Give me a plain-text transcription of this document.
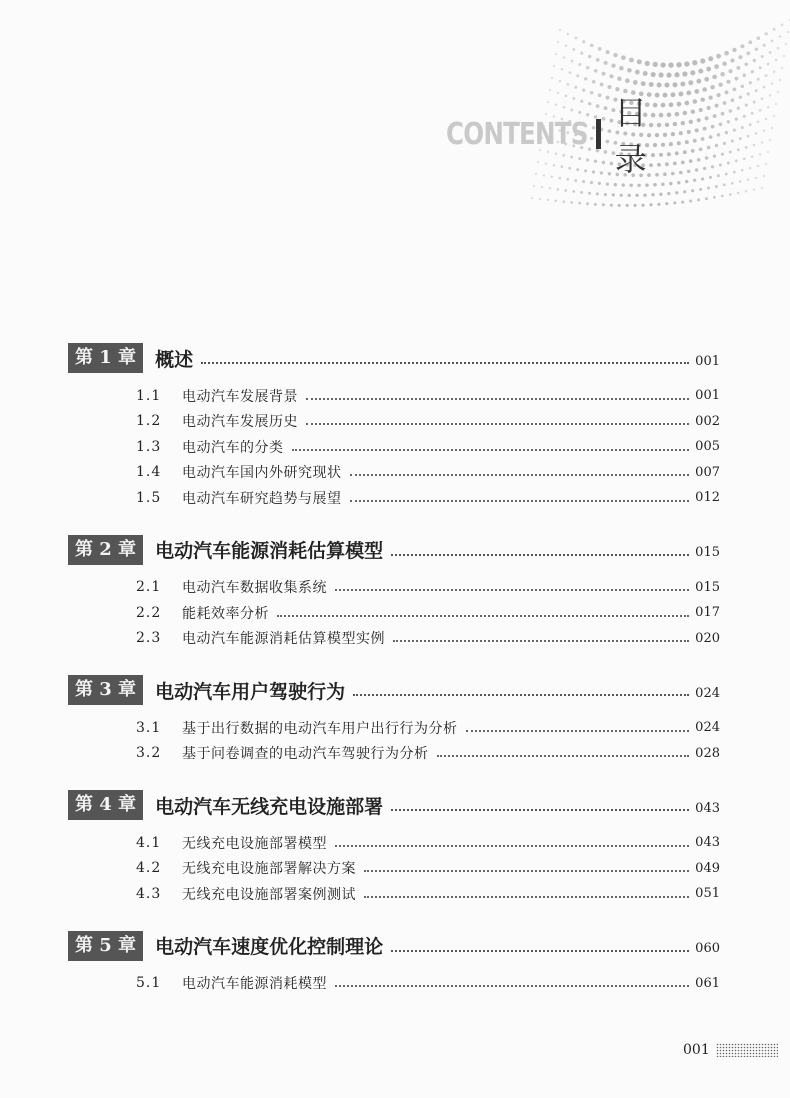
CONTENTS
目 录
第 1 章	概述	001
1.1	电动汽车发展背景	001
1.2	电动汽车发展历史	002
1.3	电动汽车的分类	005
1.4	电动汽车国内外研究现状	007
1.5	电动汽车研究趋势与展望	012
第 2 章	电动汽车能源消耗估算模型	015
2.1	电动汽车数据收集系统	015
2.2	能耗效率分析	017
2.3	电动汽车能源消耗估算模型实例	020
第 3 章	电动汽车用户驾驶行为	024
3.1	基于出行数据的电动汽车用户出行行为分析	024
3.2	基于问卷调查的电动汽车驾驶行为分析	028
第 4 章	电动汽车无线充电设施部署	043
4.1	无线充电设施部署模型	043
4.2	无线充电设施部署解决方案	049
4.3	无线充电设施部署案例测试	051
第 5 章	电动汽车速度优化控制理论	060
5.1	电动汽车能源消耗模型	061
001
